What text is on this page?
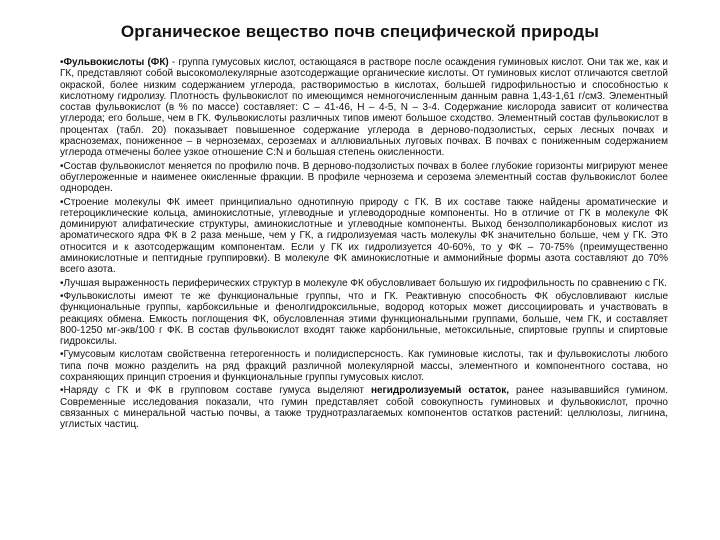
Органическое вещество почв специфической природы

•Фульвокислоты (ФК) - группа гумусовых кислот, остающаяся в растворе после осаждения гуминовых кислот. Они так же, как и ГК, представляют собой высокомолекулярные азотсодержащие органические кислоты. От гуминовых кислот отличаются светлой окраской, более низким содержанием углерода, растворимостью в кислотах, большей гидрофильностью и способностью к кислотному гидролизу. Плотность фульвокислот по имеющимся немногочисленным данным равна 1,43-1,61 г/см3. Элементный состав фульвокислот (в % по массе) составляет: С – 41-46, Н – 4-5, N – 3-4. Содержание кислорода зависит от количества углерода; его больше, чем в ГК. Фульвокислоты различных типов имеют большое сходство. Элементный состав фульвокислот в процентах (табл. 20) показывает повышенное содержание углерода в дерново-подзолистых, серых лесных почвах и красноземах, пониженное – в черноземах, сероземах и аллювиальных луговых почвах. В почвах с пониженным содержанием углерода отмечены более узкое отношение С:N и большая степень окисленности.

•Состав фульвокислот меняется по профилю почв. В дерново-подзолистых почвах в более глубокие горизонты мигрируют менее обуглероженные и наименее окисленные фракции. В профиле чернозема и серозема элементный состав фульвокислот более однороден.

•Строение молекулы ФК имеет принципиально однотипную природу с ГК. В их составе также найдены ароматические и гетероциклические кольца, аминокислотные, углеводные и углеводородные компоненты. Но в отличие от ГК в молекуле ФК доминируют алифатические структуры, аминокислотные и углеводные компоненты. Выход бензолполикарбоновых кислот из ароматического ядра ФК в 2 раза меньше, чем у ГК, а гидролизуемая часть молекулы ФК значительно больше, чем у ГК. Это относится и к азотсодержащим компонентам. Если у ГК их гидролизуется 40-60%, то у ФК – 70-75% (преимущественно аминокислотные и пептидные группировки). В молекуле ФК аминокислотные и аммонийные формы азота составляют до 70% всего азота.

•Лучшая выраженность периферических структур в молекуле ФК обусловливает большую их гидрофильность по сравнению с ГК.

•Фульвокислоты имеют те же функциональные группы, что и ГК. Реактивную способность ФК обусловливают кислые функциональные группы, карбоксильные и фенолгидроксильные, водород которых может диссоциировать и участвовать в реакциях обмена. Емкость поглощения ФК, обусловленная этими функциональными группами, больше, чем ГК, и составляет 800-1250 мг-экв/100 г ФК. В состав фульвокислот входят также карбонильные, метоксильные, спиртовые группы и спиртовые гидроксилы.

•Гумусовым кислотам свойственна гетерогенность и полидисперсность. Как гуминовые кислоты, так и фульвокислоты любого типа почв можно разделить на ряд фракций различной молекулярной массы, элементного и компонентного состава, но сохраняющих принцип строения и функциональные группы гумусовых кислот.

•Наряду с ГК и ФК в групповом составе гумуса выделяют негидролизуемый остаток, ранее называвшийся гумином. Современные исследования показали, что гумин представляет собой совокупность гуминовых и фульвокислот, прочно связанных с минеральной частью почвы, а также труднотразлагаемых компонентов остатков растений: целлюлозы, лигнина, углистых частиц.
